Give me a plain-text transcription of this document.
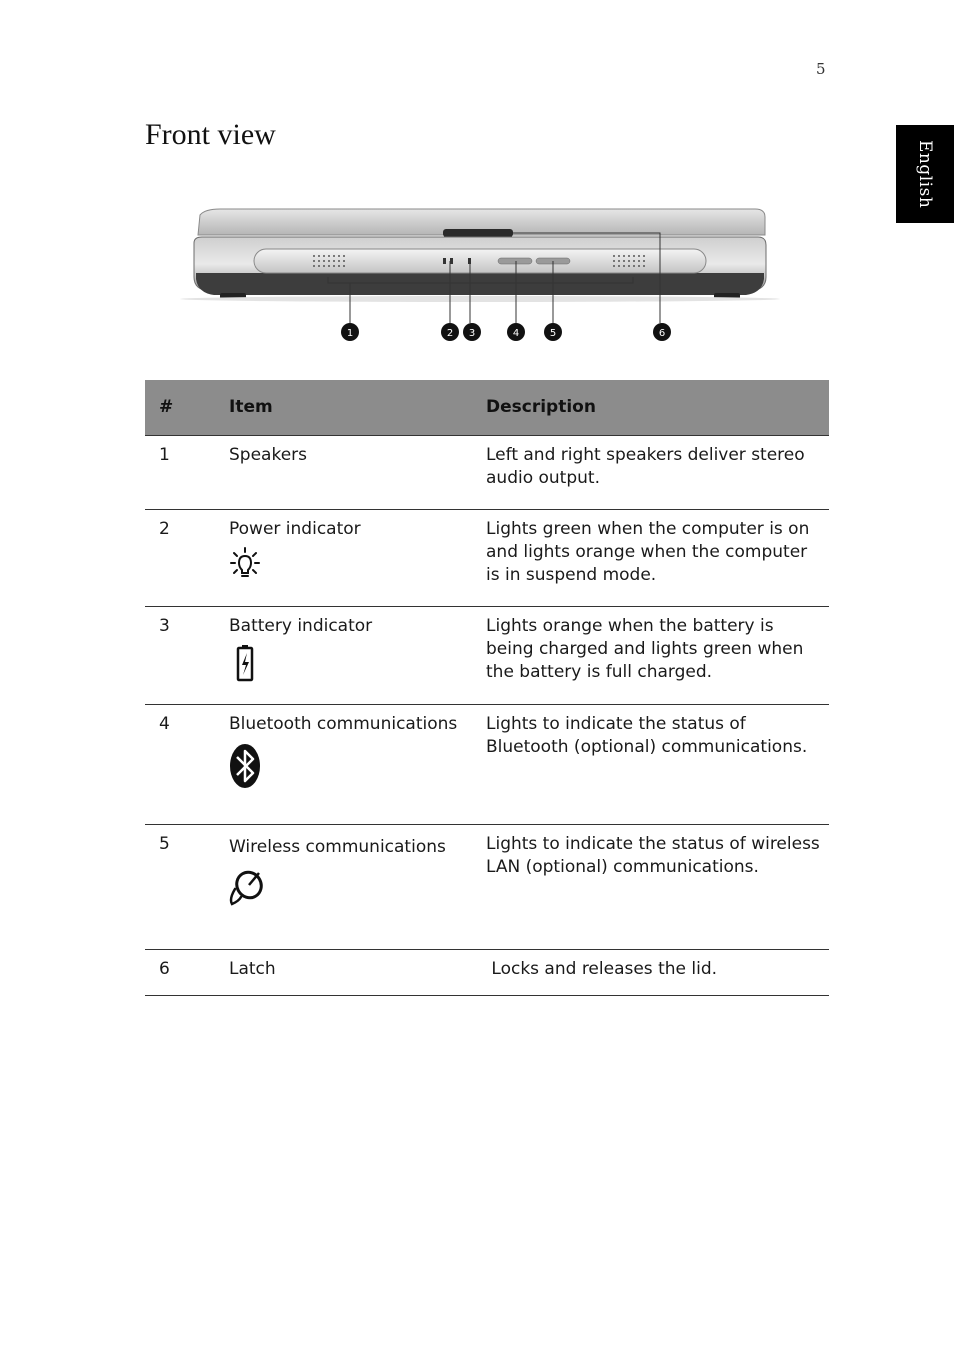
5
English
Front view
1	2 3	4	5	6
#	Item	Description
1	Speakers	Left and right speakers deliver stereo audio output.
2	Power indicator	Lights green when the computer is on and lights orange when the computer is in suspend mode.
3	Battery indicator	Lights orange when the battery is being charged and lights green when the battery is full charged.
4	Bluetooth communications	Lights to indicate the status of Bluetooth (optional) communications.
5	Wireless communications	Lights to indicate the status of wireless LAN (optional) communications.
6	Latch	Locks and releases the lid.
